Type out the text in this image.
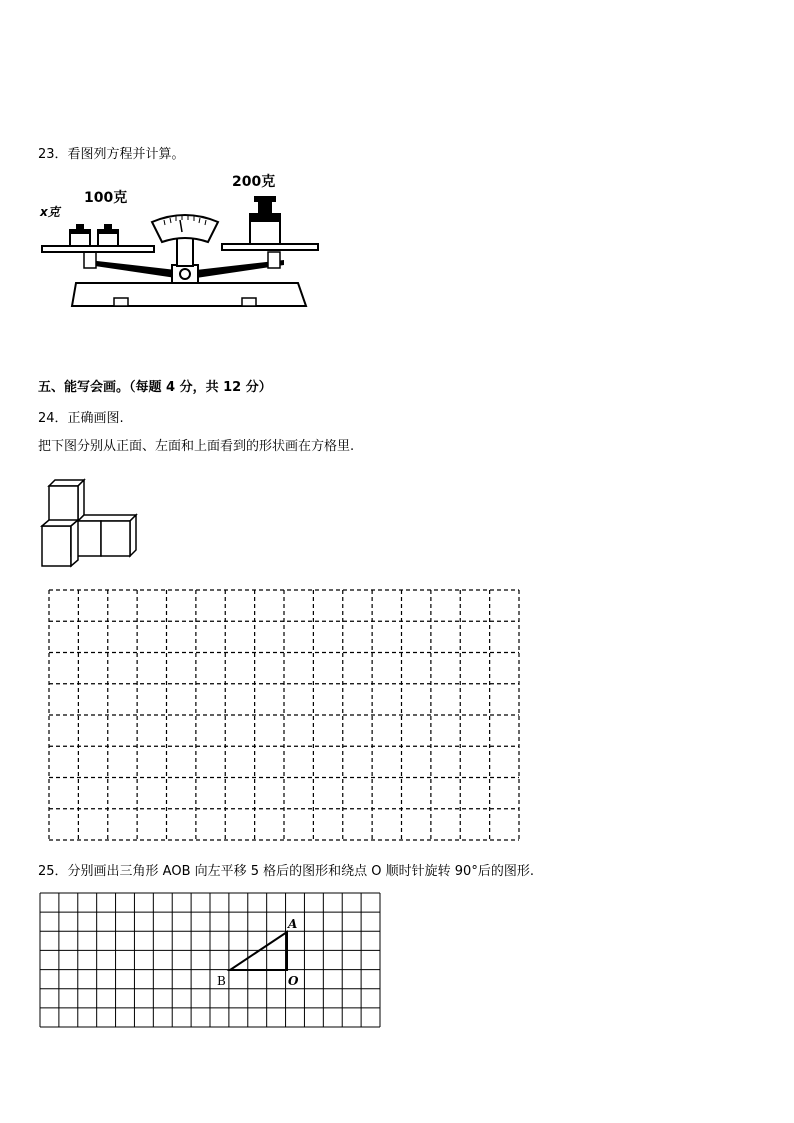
23．看图列方程并计算。
x克
100克
200克
五、能写会画。（每题 4 分，共 12 分）
24．正确画图.
把下图分别从正面、左面和上面看到的形状画在方格里.
25．分别画出三角形 AOB 向左平移 5 格后的图形和绕点 O 顺时针旋转 90°后的图形.
A
B	O
